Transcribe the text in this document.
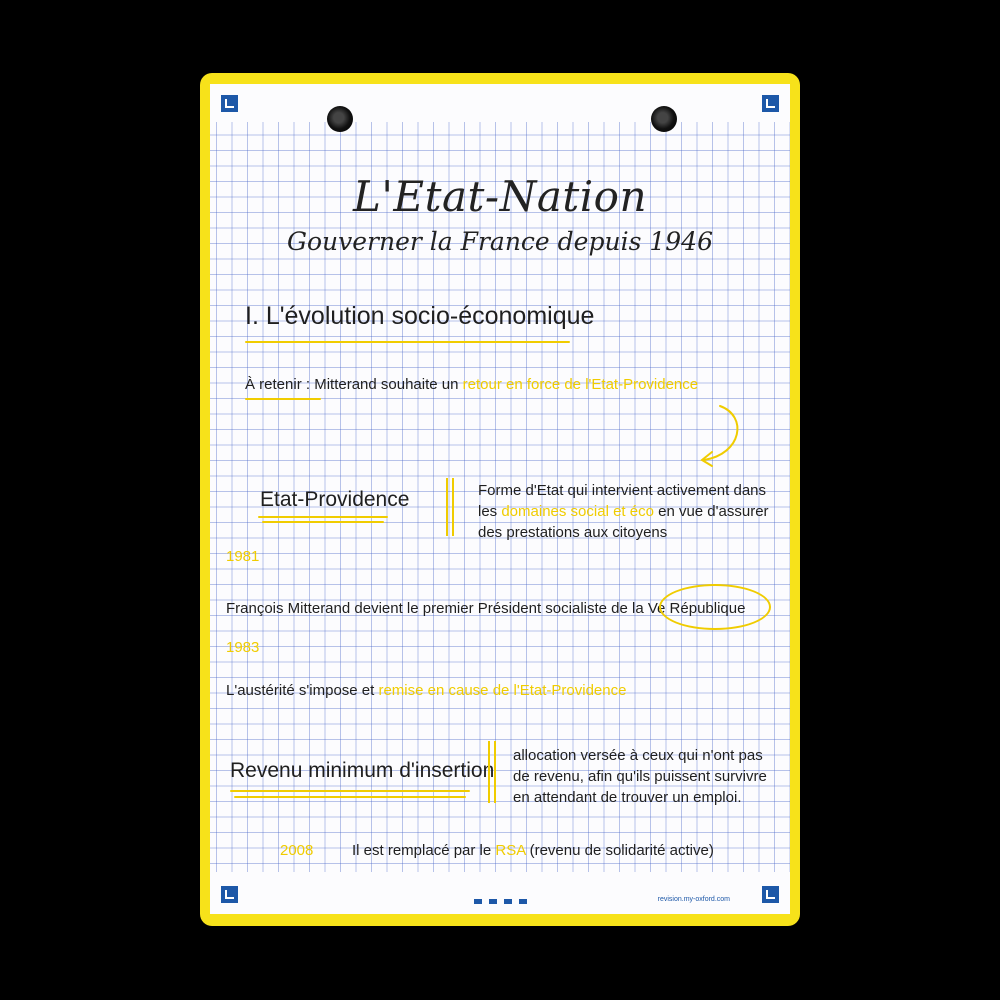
L'Etat-Nation
Gouverner la France depuis 1946
I. L'évolution socio-économique
À retenir : Mitterand souhaite un retour en force de l'Etat-Providence
Etat-Providence	Forme d'Etat qui intervient activement dans les domaines social et éco en vue d'assurer des prestations aux citoyens
1981
François Mitterand devient le premier Président socialiste de la Ve République
1983
L'austérité s'impose et remise en cause de l'Etat-Providence
Revenu minimum d'insertion
allocation versée à ceux qui n'ont pas de revenu, afin qu'ils puissent survivre en attendant de trouver un emploi.
2008	Il est remplacé par le RSA (revenu de solidarité active)
revision.my-oxford.com
